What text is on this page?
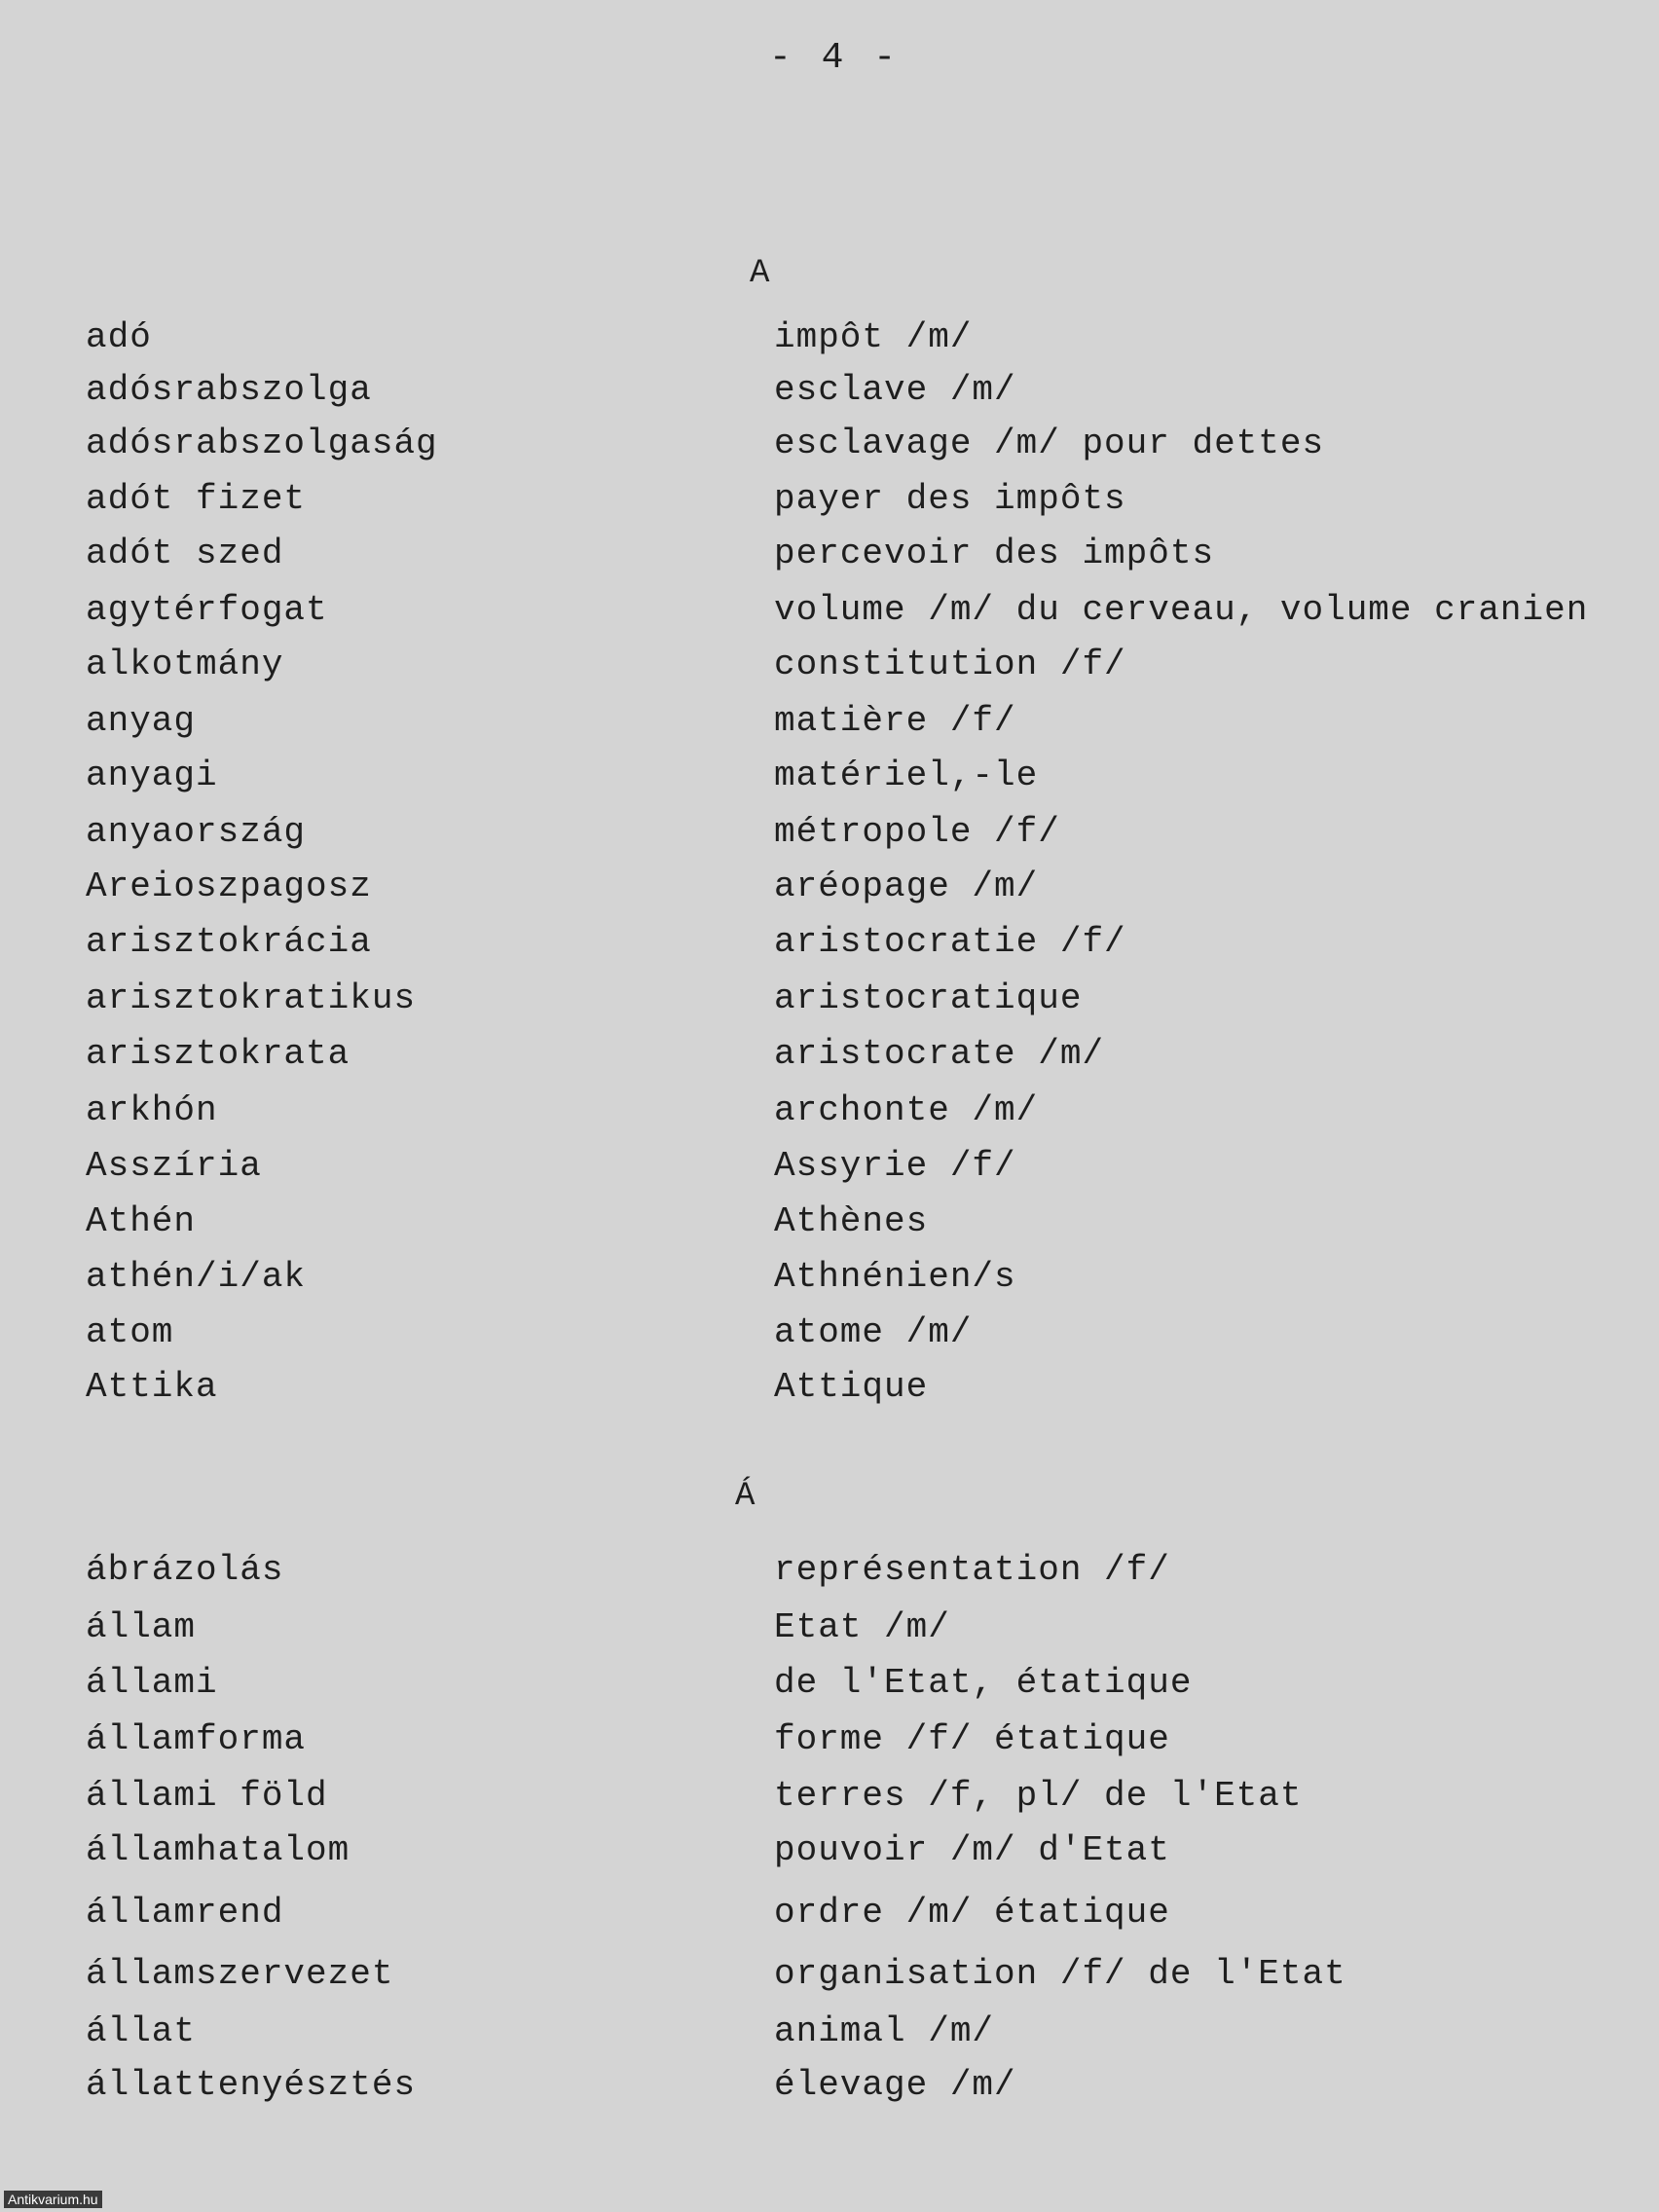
- 4 -
A
adó	impôt /m/
adósrabszolga	esclave /m/
adósrabszolgaság	esclavage /m/ pour dettes
adót fizet	payer des impôts
adót szed	percevoir des impôts
agytérfogat	volume /m/ du cerveau, volume cranien
alkotmány	constitution /f/
anyag	matière /f/
anyagi	matériel,-le
anyaország	métropole /f/
Areioszpagosz	aréopage /m/
arisztokrácia	aristocratie /f/
arisztokratikus	aristocratique
arisztokrata	aristocrate /m/
arkhón	archonte /m/
Asszíria	Assyrie /f/
Athén	Athènes
athén/i/ak	Athnénien/s
atom	atome /m/
Attika	Attique
Á
ábrázolás	représentation /f/
állam	Etat /m/
állami	de l'Etat, étatique
államforma	forme /f/ étatique
állami föld	terres /f, pl/ de l'Etat
államhatalom	pouvoir /m/ d'Etat
államrend	ordre /m/ étatique
államszervezet	organisation /f/ de l'Etat
állat	animal /m/
állattenyésztés	élevage /m/
Antikvarium.hu
